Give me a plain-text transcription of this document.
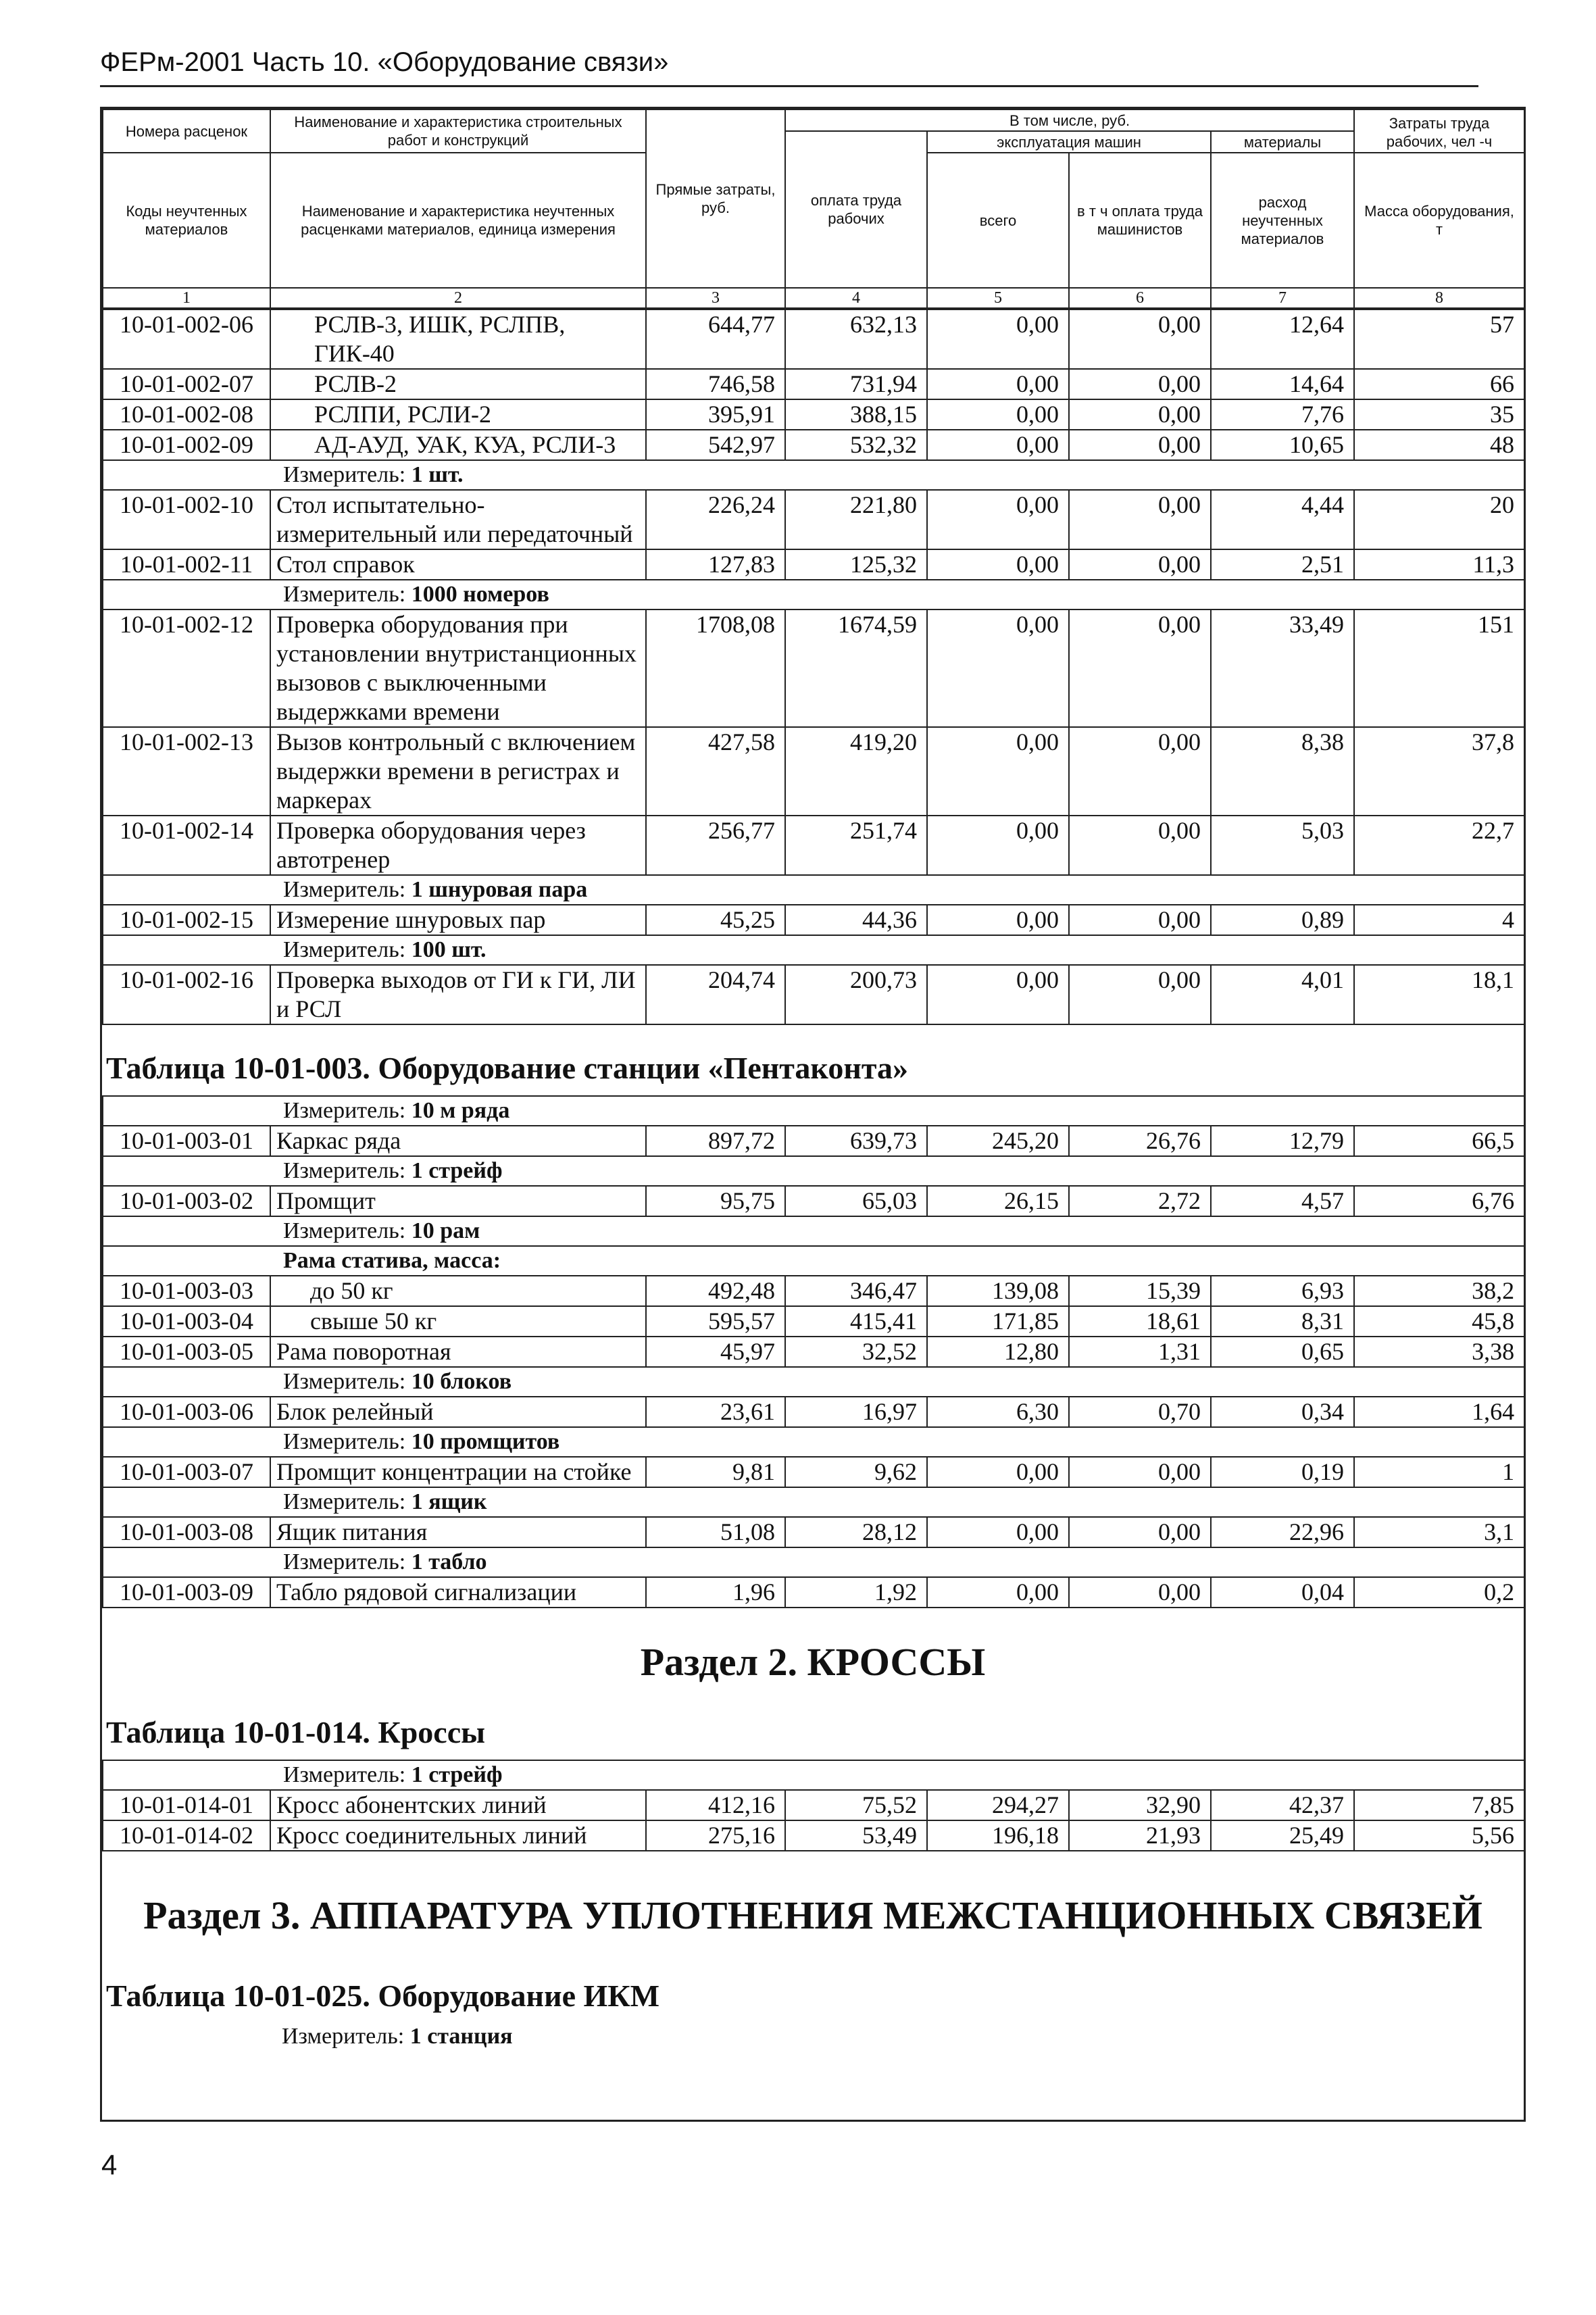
ФЕРм-2001 Часть 10. «Оборудование связи»
Номера расценок	Наименование и характеристика строительных работ и конструкций	Прямые затраты, руб.	В том числе, руб.				Затраты труда рабочих, чел -ч
			оплата труда рабочих	эксплуатация машин		материалы	
Коды неучтенных материалов	Наименование и характеристика неучтенных расценками материалов, единица измерения			всего	в т ч оплата труда машинистов	расход неучтенных материалов	Масса оборудования, т

1	2	3	4	5	6	7	8
10-01-002-06	РСЛВ-3, ИШК, РСЛПВ, ГИК-40	644,77	632,13	0,00	0,00	12,64	57
10-01-002-07	РСЛВ-2	746,58	731,94	0,00	0,00	14,64	66
10-01-002-08	РСЛПИ, РСЛИ-2	395,91	388,15	0,00	0,00	7,76	35
10-01-002-09	АД-АУД, УАК, КУА, РСЛИ-3	542,97	532,32	0,00	0,00	10,65	48
Измеритель: 1 шт.							
10-01-002-10	Стол испытательно-измерительный или передаточный	226,24	221,80	0,00	0,00	4,44	20
10-01-002-11	Стол справок	127,83	125,32	0,00	0,00	2,51	11,3
Измеритель: 1000 номеров							
10-01-002-12	Проверка оборудования при установлении внутристанционных вызовов с выключенными выдержками времени	1708,08	1674,59	0,00	0,00	33,49	151
10-01-002-13	Вызов контрольный с включением выдержки времени в регистрах и маркерах	427,58	419,20	0,00	0,00	8,38	37,8
10-01-002-14	Проверка оборудования через автотренер	256,77	251,74	0,00	0,00	5,03	22,7
Измеритель: 1 шнуровая пара							
10-01-002-15	Измерение шнуровых пар	45,25	44,36	0,00	0,00	0,89	4
Измеритель: 100 шт.							
10-01-002-16	Проверка выходов от ГИ к ГИ, ЛИ и РСЛ	204,74	200,73	0,00	0,00	4,01	18,1
Таблица 10-01-003. Оборудование станции «Пентаконта»
Измеритель: 10 м ряда							
10-01-003-01	Каркас ряда	897,72	639,73	245,20	26,76	12,79	66,5
Измеритель: 1 стрейф							
10-01-003-02	Промщит	95,75	65,03	26,15	2,72	4,57	6,76
Измеритель: 10 рам							
Рама статива, масса:							
10-01-003-03	до 50 кг	492,48	346,47	139,08	15,39	6,93	38,2
10-01-003-04	свыше 50 кг	595,57	415,41	171,85	18,61	8,31	45,8
10-01-003-05	Рама поворотная	45,97	32,52	12,80	1,31	0,65	3,38
Измеритель: 10 блоков							
10-01-003-06	Блок релейный	23,61	16,97	6,30	0,70	0,34	1,64
Измеритель: 10 промщитов							
10-01-003-07	Промщит концентрации на стойке	9,81	9,62	0,00	0,00	0,19	1
Измеритель: 1 ящик							
10-01-003-08	Ящик питания	51,08	28,12	0,00	0,00	22,96	3,1
Измеритель: 1 табло							
10-01-003-09	Табло рядовой сигнализации	1,96	1,92	0,00	0,00	0,04	0,2
Раздел 2. КРОССЫ
Таблица 10-01-014. Кроссы
Измеритель: 1 стрейф							
10-01-014-01	Кросс абонентских линий	412,16	75,52	294,27	32,90	42,37	7,85
10-01-014-02	Кросс соединительных линий	275,16	53,49	196,18	21,93	25,49	5,56
Раздел 3. АППАРАТУРА УПЛОТНЕНИЯ МЕЖСТАНЦИОННЫХ СВЯЗЕЙ
Таблица 10-01-025. Оборудование ИКМ
Измеритель: 1 станция
4
